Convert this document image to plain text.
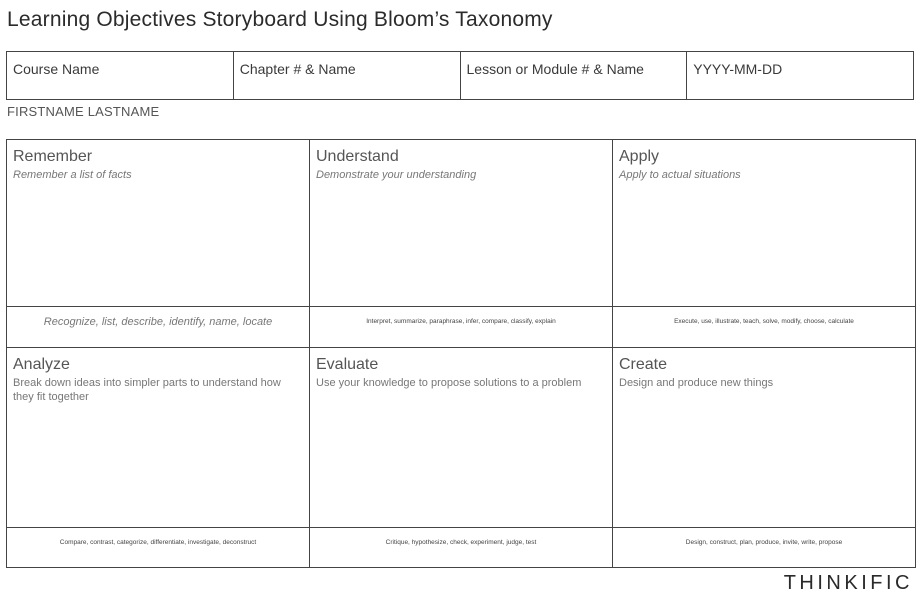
Learning Objectives Storyboard Using Bloom’s Taxonomy
Course Name	Chapter # & Name	Lesson or Module # & Name	YYYY-MM-DD
FIRSTNAME LASTNAME
Remember
Remember a list of facts
Understand
Demonstrate your understanding
Apply
Apply to actual situations
Recognize, list, describe, identify, name, locate	Interpret, summarize, paraphrase, infer, compare, classify, explain	Execute, use, illustrate, teach, solve, modify, choose, calculate
Analyze
Break down ideas into simpler parts to understand how they fit together
Evaluate
Use your knowledge to propose solutions to a problem
Create
Design and produce new things
Compare, contrast, categorize, differentiate, investigate, deconstruct	Critique, hypothesize, check, experiment, judge, test	Design, construct, plan, produce, invite, write, propose
THINKIFIC
